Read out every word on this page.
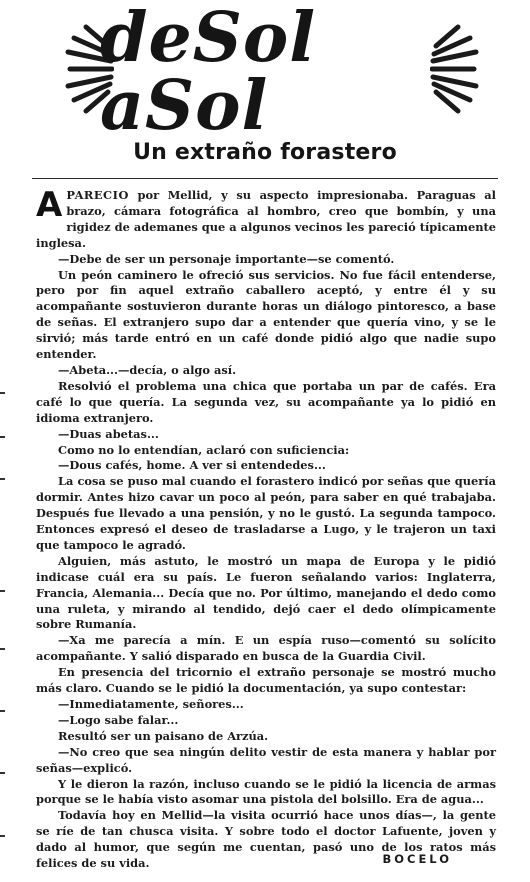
deSol aSol
Un extraño forastero

APARECIO por Mellid, y su aspecto impresionaba. Paraguas al brazo, cámara fotográfica al hombro, creo que bombín, y una rigidez de ademanes que a algunos vecinos les pareció típicamente inglesa.

—Debe de ser un personaje importante—se comentó.

Un peón caminero le ofreció sus servicios. No fue fácil entenderse, pero por fin aquel extraño caballero aceptó, y entre él y su acompañante sostuvieron durante horas un diálogo pintoresco, a base de señas. El extranjero supo dar a entender que quería vino, y se le sirvió; más tarde entró en un café donde pidió algo que nadie supo entender.

—Abeta...—decía, o algo así.

Resolvió el problema una chica que portaba un par de cafés. Era café lo que quería. La segunda vez, su acompañante ya lo pidió en idioma extranjero.

—Duas abetas...

Como no lo entendían, aclaró con suficiencia:

—Dous cafés, home. A ver si entendedes...

La cosa se puso mal cuando el forastero indicó por señas que quería dormir. Antes hizo cavar un poco al peón, para saber en qué trabajaba. Después fue llevado a una pensión, y no le gustó. La segunda tampoco. Entonces expresó el deseo de trasladarse a Lugo, y le trajeron un taxi que tampoco le agradó.

Alguien, más astuto, le mostró un mapa de Europa y le pidió indicase cuál era su país. Le fueron señalando varios: Inglaterra, Francia, Alemania... Decía que no. Por último, manejando el dedo como una ruleta, y mirando al tendido, dejó caer el dedo olímpicamente sobre Rumanía.

—Xa me parecía a mín. E un espía ruso—comentó su solícito acompañante. Y salió disparado en busca de la Guardia Civil.

En presencia del tricornio el extraño personaje se mostró mucho más claro. Cuando se le pidió la documentación, ya supo contestar:

—Inmediatamente, señores...

—Logo sabe falar...

Resultó ser un paisano de Arzúa.

—No creo que sea ningún delito vestir de esta manera y hablar por señas—explicó.

Y le dieron la razón, incluso cuando se le pidió la licencia de armas porque se le había visto asomar una pistola del bolsillo. Era de agua...

Todavía hoy en Mellid—la visita ocurrió hace unos días—, la gente se ríe de tan chusca visita. Y sobre todo el doctor Lafuente, joven y dado al humor, que según me cuentan, pasó uno de los ratos más felices de su vida.	BOCELO
